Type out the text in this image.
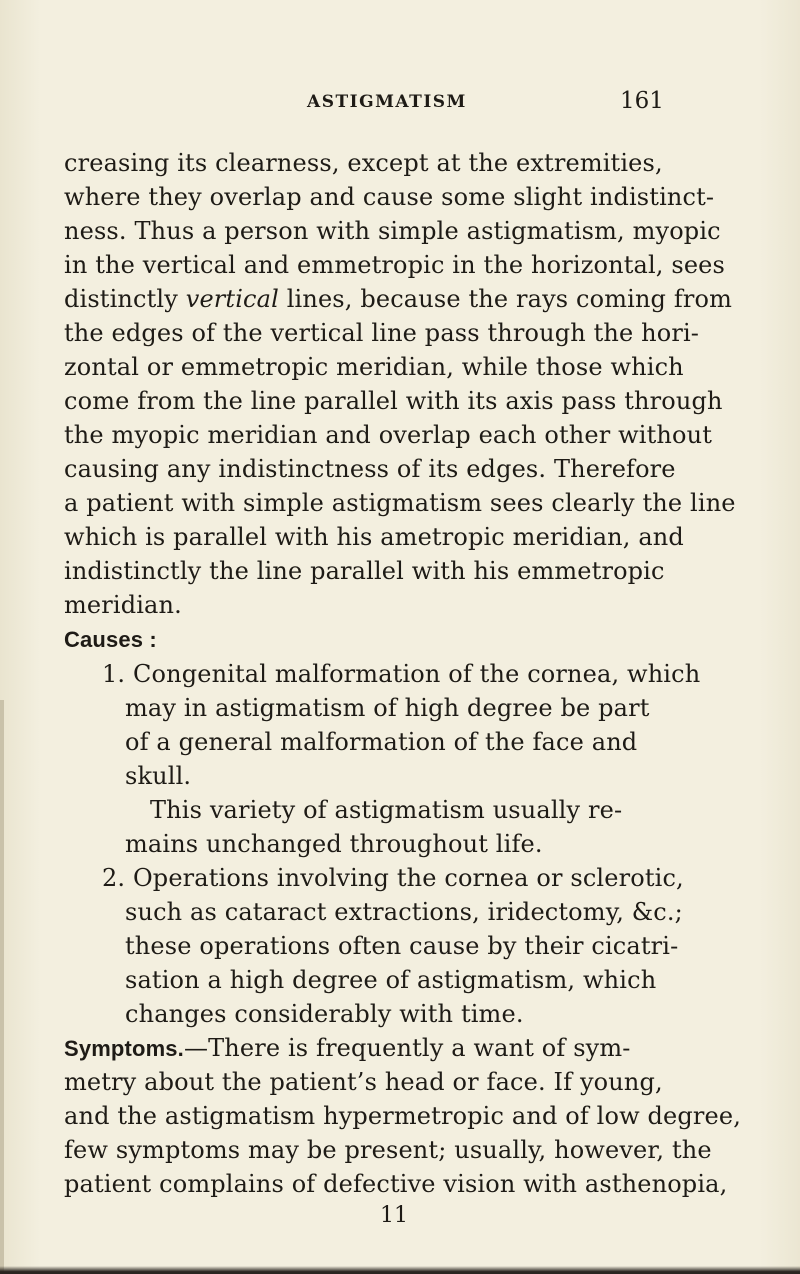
ASTIGMATISM	161
creasing its clearness, except at the extremities,
where they overlap and cause some slight indistinct-
ness. Thus a person with simple astigmatism, myopic
in the vertical and emmetropic in the horizontal, sees
distinctly vertical lines, because the rays coming from
the edges of the vertical line pass through the hori-
zontal or emmetropic meridian, while those which
come from the line parallel with its axis pass through
the myopic meridian and overlap each other without
causing any indistinctness of its edges. Therefore
a patient with simple astigmatism sees clearly the line
which is parallel with his ametropic meridian, and
indistinctly the line parallel with his emmetropic
meridian.
Causes :
1. Congenital malformation of the cornea, which
may in astigmatism of high degree be part
of a general malformation of the face and
skull.
This variety of astigmatism usually re-
mains unchanged throughout life.
2. Operations involving the cornea or sclerotic,
such as cataract extractions, iridectomy, &c.;
these operations often cause by their cicatri-
sation a high degree of astigmatism, which
changes considerably with time.
Symptoms.—There is frequently a want of sym-
metry about the patient’s head or face. If young,
and the astigmatism hypermetropic and of low degree,
few symptoms may be present; usually, however, the
patient complains of defective vision with asthenopia,
11
